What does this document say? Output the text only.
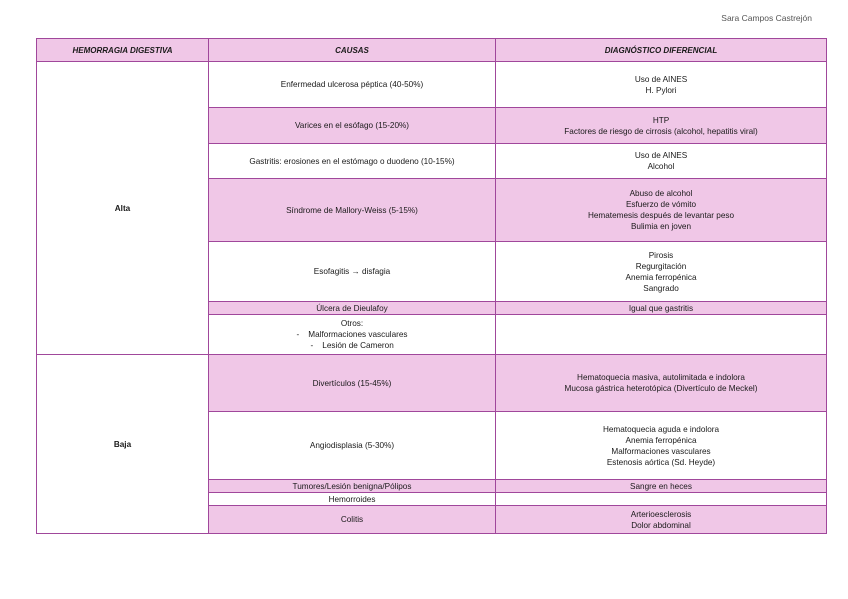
Sara Campos Castrejón
HEMORRAGIA DIGESTIVA	CAUSAS	DIAGNÓSTICO DIFERENCIAL
Alta	Enfermedad ulcerosa péptica (40-50%)	Uso de AINES
H. Pylori

	Varices en el esófago (15-20%)	HTP
Factores de riesgo de cirrosis (alcohol, hepatitis viral)

	Gastritis: erosiones en el estómago o duodeno (10-15%)	Uso de AINES
Alcohol

	Síndrome de Mallory-Weiss (5-15%)	Abuso de alcohol
Esfuerzo de vómito
Hematemesis después de levantar peso
Bulimia en joven

	Esofagitis → disfagia	Pirosis
Regurgitación
Anemia ferropénica
Sangrado

	Úlcera de Dieulafoy	Igual que gastritis

	Otros:
-    Malformaciones vasculares
-    Lesión de Cameron	

Baja	Divertículos (15-45%)	Hematoquecia masiva, autolimitada e indolora
Mucosa gástrica heterotópica (Divertículo de Meckel)

	Angiodisplasia (5-30%)	Hematoquecia aguda e indolora
Anemia ferropénica
Malformaciones vasculares
Estenosis aórtica (Sd. Heyde)

	Tumores/Lesión benigna/Pólipos	Sangre en heces
	Hemorroides	
	Colitis	Arterioesclerosis
Dolor abdominal
